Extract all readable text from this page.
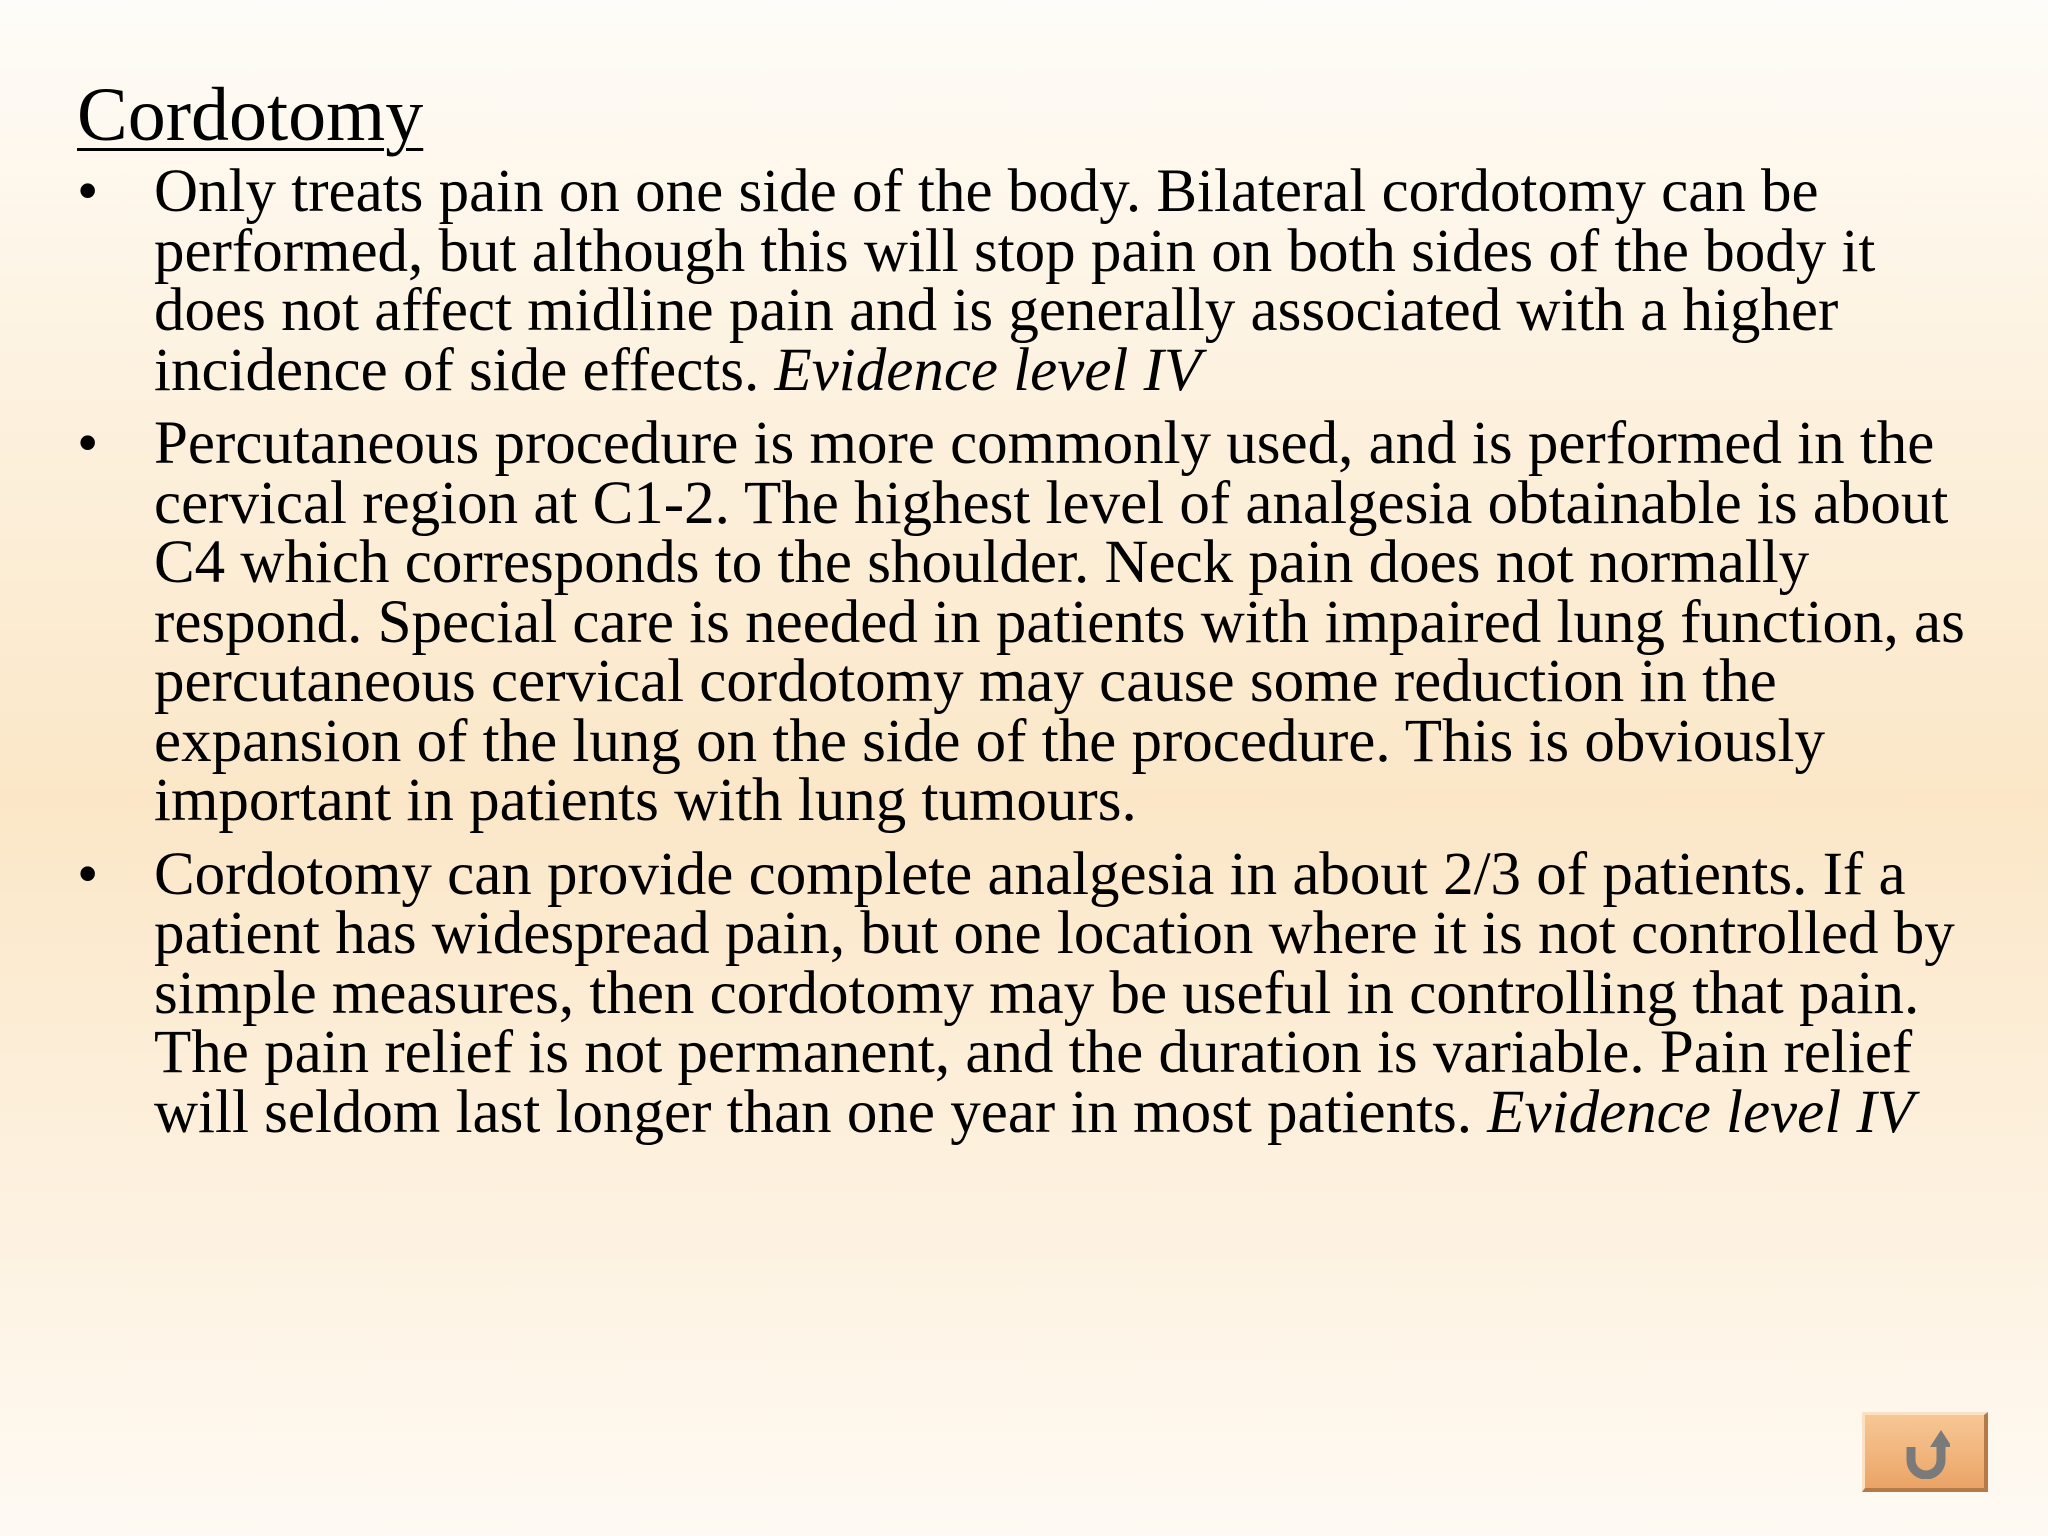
Cordotomy
• Only treats pain on one side of the body. Bilateral cordotomy can be performed, but although this will stop pain on both sides of the body it does not affect midline pain and is generally associated with a higher incidence of side effects. Evidence level IV
• Percutaneous procedure is more commonly used, and is performed in the cervical region at C1-2. The highest level of analgesia obtainable is about C4 which corresponds to the shoulder. Neck pain does not normally respond. Special care is needed in patients with impaired lung function, as percutaneous cervical cordotomy may cause some reduction in the expansion of the lung on the side of the procedure. This is obviously important in patients with lung tumours.
• Cordotomy can provide complete analgesia in about 2/3 of patients. If a patient has widespread pain, but one location where it is not controlled by simple measures, then cordotomy may be useful in controlling that pain. The pain relief is not permanent, and the duration is variable. Pain relief will seldom last longer than one year in most patients. Evidence level IV
